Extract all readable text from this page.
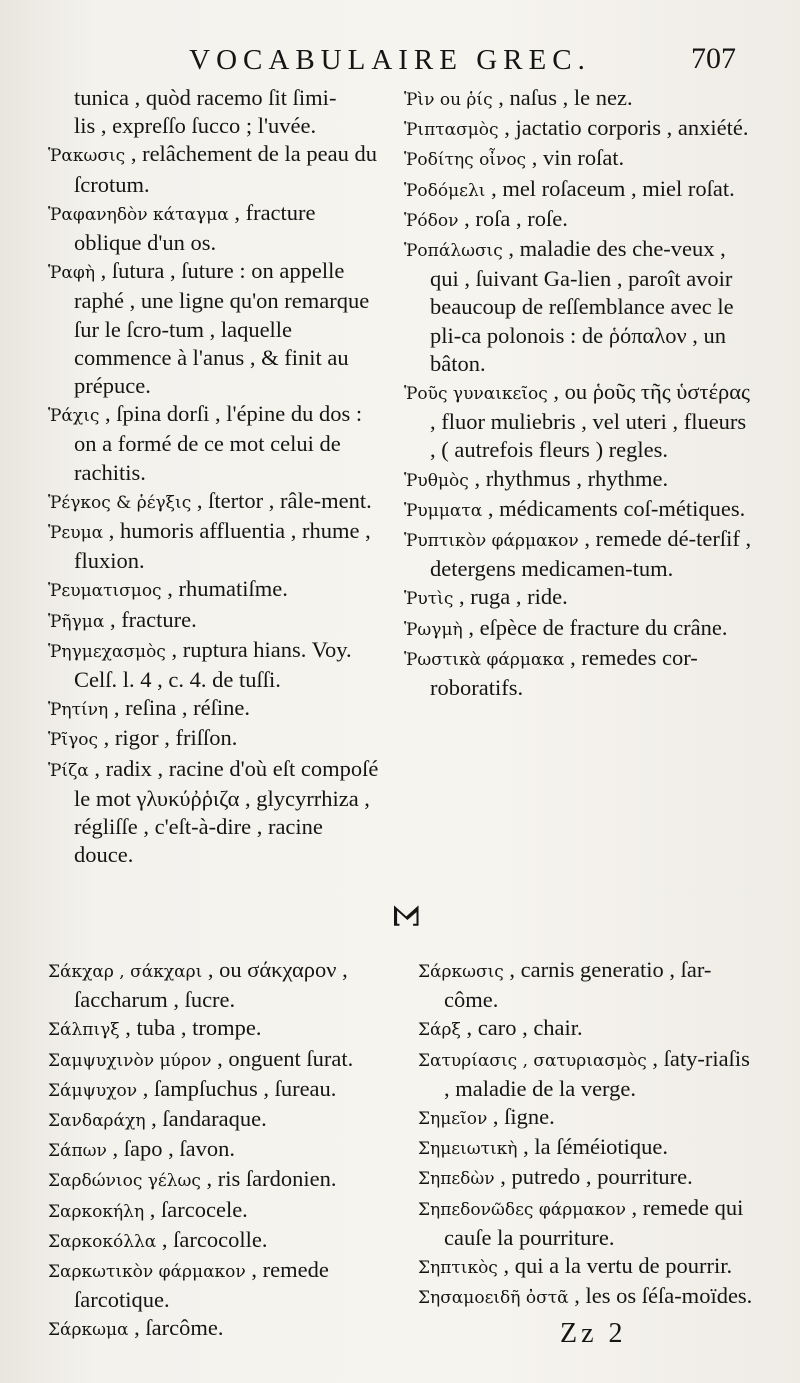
VOCABULAIRE GREC.	707

tunica , quòd racemo ſit ſimi-

lis , expreſſo ſucco ; l'uvée.

Ῥακωσις , relâchement de la peau du ſcrotum.

Ῥαφανηδὸν κάταγμα , fracture oblique d'un os.

Ῥαφὴ , ſutura , ſuture : on appelle raphé , une ligne qu'on remarque ſur le ſcro-tum , laquelle commence à l'anus , & finit au prépuce.

Ῥάχις , ſpina dorſi , l'épine du dos : on a formé de ce mot celui de rachitis.

Ῥέγκος & ῥέγξις , ſtertor , râle-ment.

Ῥευμα , humoris affluentia , rhume , fluxion.

Ῥευματισμος , rhumatiſme.

Ῥῆγμα , fracture.

Ῥηγμεχασμὸς , ruptura hians. Voy. Celſ. l. 4 , c. 4. de tuſſi.

Ῥητίνη , reſina , réſine.

Ῥῖγος , rigor , friſſon.

Ῥίζα , radix , racine d'où eſt compoſé le mot γλυκύῤῥιζα , glycyrrhiza , régliſſe , c'eſt-à-dire , racine douce.

Ῥὶν ou ῥίς , naſus , le nez.

Ῥιπτασμὸς , jactatio corporis , anxiété.

Ῥοδίτης οἶνος , vin roſat.

Ῥοδόμελι , mel roſaceum , miel roſat.

Ῥόδον , roſa , roſe.

Ῥοπάλωσις , maladie des che-veux , qui , ſuivant Ga-lien , paroît avoir beaucoup de reſſemblance avec le pli-ca polonois : de ῥόπαλον , un bâton.

Ῥοῦς γυναικεῖος , ou ῥοῦς τῆς ὑστέρας , fluor muliebris , vel uteri , flueurs , ( autrefois fleurs ) regles.

Ῥυθμὸς , rhythmus , rhythme.

Ῥυμματα , médicaments coſ-métiques.

Ῥυπτικὸν φάρμακον , remede dé-terſif , detergens medicamen-tum.

Ῥυτὶς , ruga , ride.

Ῥωγμὴ , eſpèce de fracture du crâne.

Ῥωστικὰ φάρμακα , remedes cor-roboratifs.

Σ

Σάκχαρ , σάκχαρι , ou σάκχαρον , ſaccharum , ſucre.

Σάλπιγξ , tuba , trompe.

Σαμψυχινὸν μύρον , onguent ſurat.

Σάμψυχον , ſampſuchus , ſureau.

Σανδαράχη , ſandaraque.

Σάπων , ſapo , ſavon.

Σαρδώνιος γέλως , ris ſardonien.

Σαρκοκήλη , ſarcocele.

Σαρκοκόλλα , ſarcocolle.

Σαρκωτικὸν φάρμακον , remede ſarcotique.

Σάρκωμα , ſarcôme.

Σάρκωσις , carnis generatio , ſar-côme.

Σάρξ , caro , chair.

Σατυρίασις , σατυριασμὸς , ſaty-riaſis , maladie de la verge.

Σημεῖον , ſigne.

Σημειωτικὴ , la ſéméiotique.

Σηπεδὼν , putredo , pourriture.

Σηπεδονῶδες φάρμακον , remede qui cauſe la pourriture.

Σηπτικὸς , qui a la vertu de pourrir.

Σησαμοειδῆ ὀστᾶ , les os ſéſa-moïdes.

Zz 2
